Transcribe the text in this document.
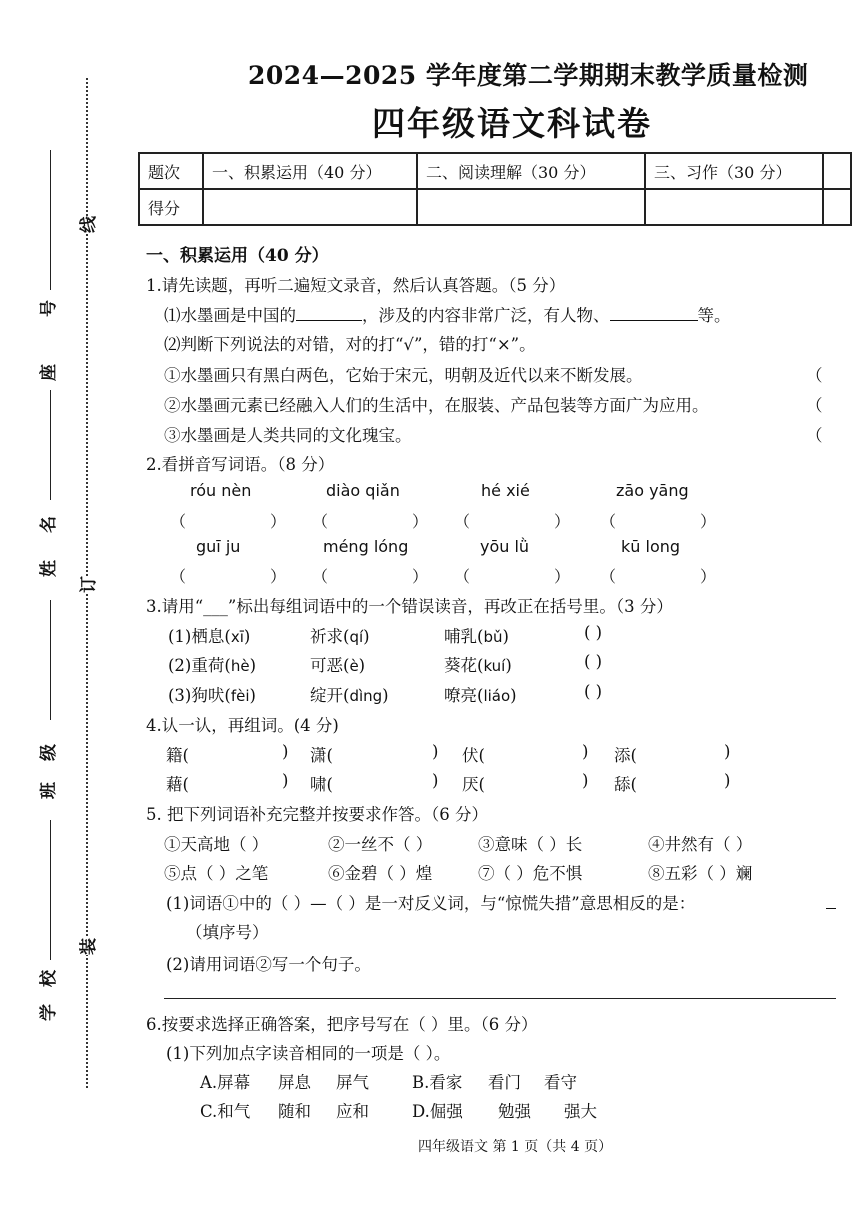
座
号
姓
名
班
级
学
校
线
订
装
2024—2025 学年度第二学期期末教学质量检测
四年级语文科试卷
题次	一、积累运用（40 分）	二、阅读理解（30 分）	三、习作（30 分）	
得分				
一、积累运用（40 分）
1.请先读题，再听二遍短文录音，然后认真答题。（5 分）
⑴水墨画是中国的	，涉及的内容非常广泛，有人物、	等。
⑵判断下列说法的对错，对的打“√”，错的打“×”。
①水墨画只有黑白两色，它始于宋元，明朝及近代以来不断发展。
②水墨画元素已经融入人们的生活中，在服装、产品包装等方面广为应用。
③水墨画是人类共同的文化瑰宝。
（
（
（
2.看拼音写词语。（8 分）
róu nèn	diào qiǎn	hé xié	zāo yāng
（	） （	） （	） （	）
guī ju	méng lóng	yōu lǜ	kū long
（	） （	） （	） （	）
3.请用“___”标出每组词语中的一个错误读音，再改正在括号里。（3 分）
(1)栖息(xī)	祈求(qí)	哺乳(bǔ)	( )
(2)重荷(hè)	可恶(è)	葵花(kuí)	( )
(3)狗吠(fèi)	绽开(dìng)	嘹亮(liáo)	( )
4.认一认，再组词。(4 分)
籍(	) 潇(	) 伏(	) 添(	)
藉(	) 啸(	) 厌(	) 舔(	)
5. 把下列词语补充完整并按要求作答。（6 分）
①天高地（ ）	②一丝不（ ）	③意味（ ）长	④井然有（ ）
⑤点（ ）之笔	⑥金碧（ ）煌	⑦（ ）危不惧	⑧五彩（ ）斓
(1)词语①中的（ ）—（ ）是一对反义词，与“惊慌失措”意思相反的是：
（填序号）
(2)请用词语②写一个句子。
6.按要求选择正确答案，把序号写在（ ）里。（6 分）
(1)下列加点字读音相同的一项是（ ）。
A.屏幕 屏息 屏气	B.看家 看门 看守
C.和气 随和 应和	D.倔强 勉强 强大
四年级语文 第 1 页（共 4 页）
